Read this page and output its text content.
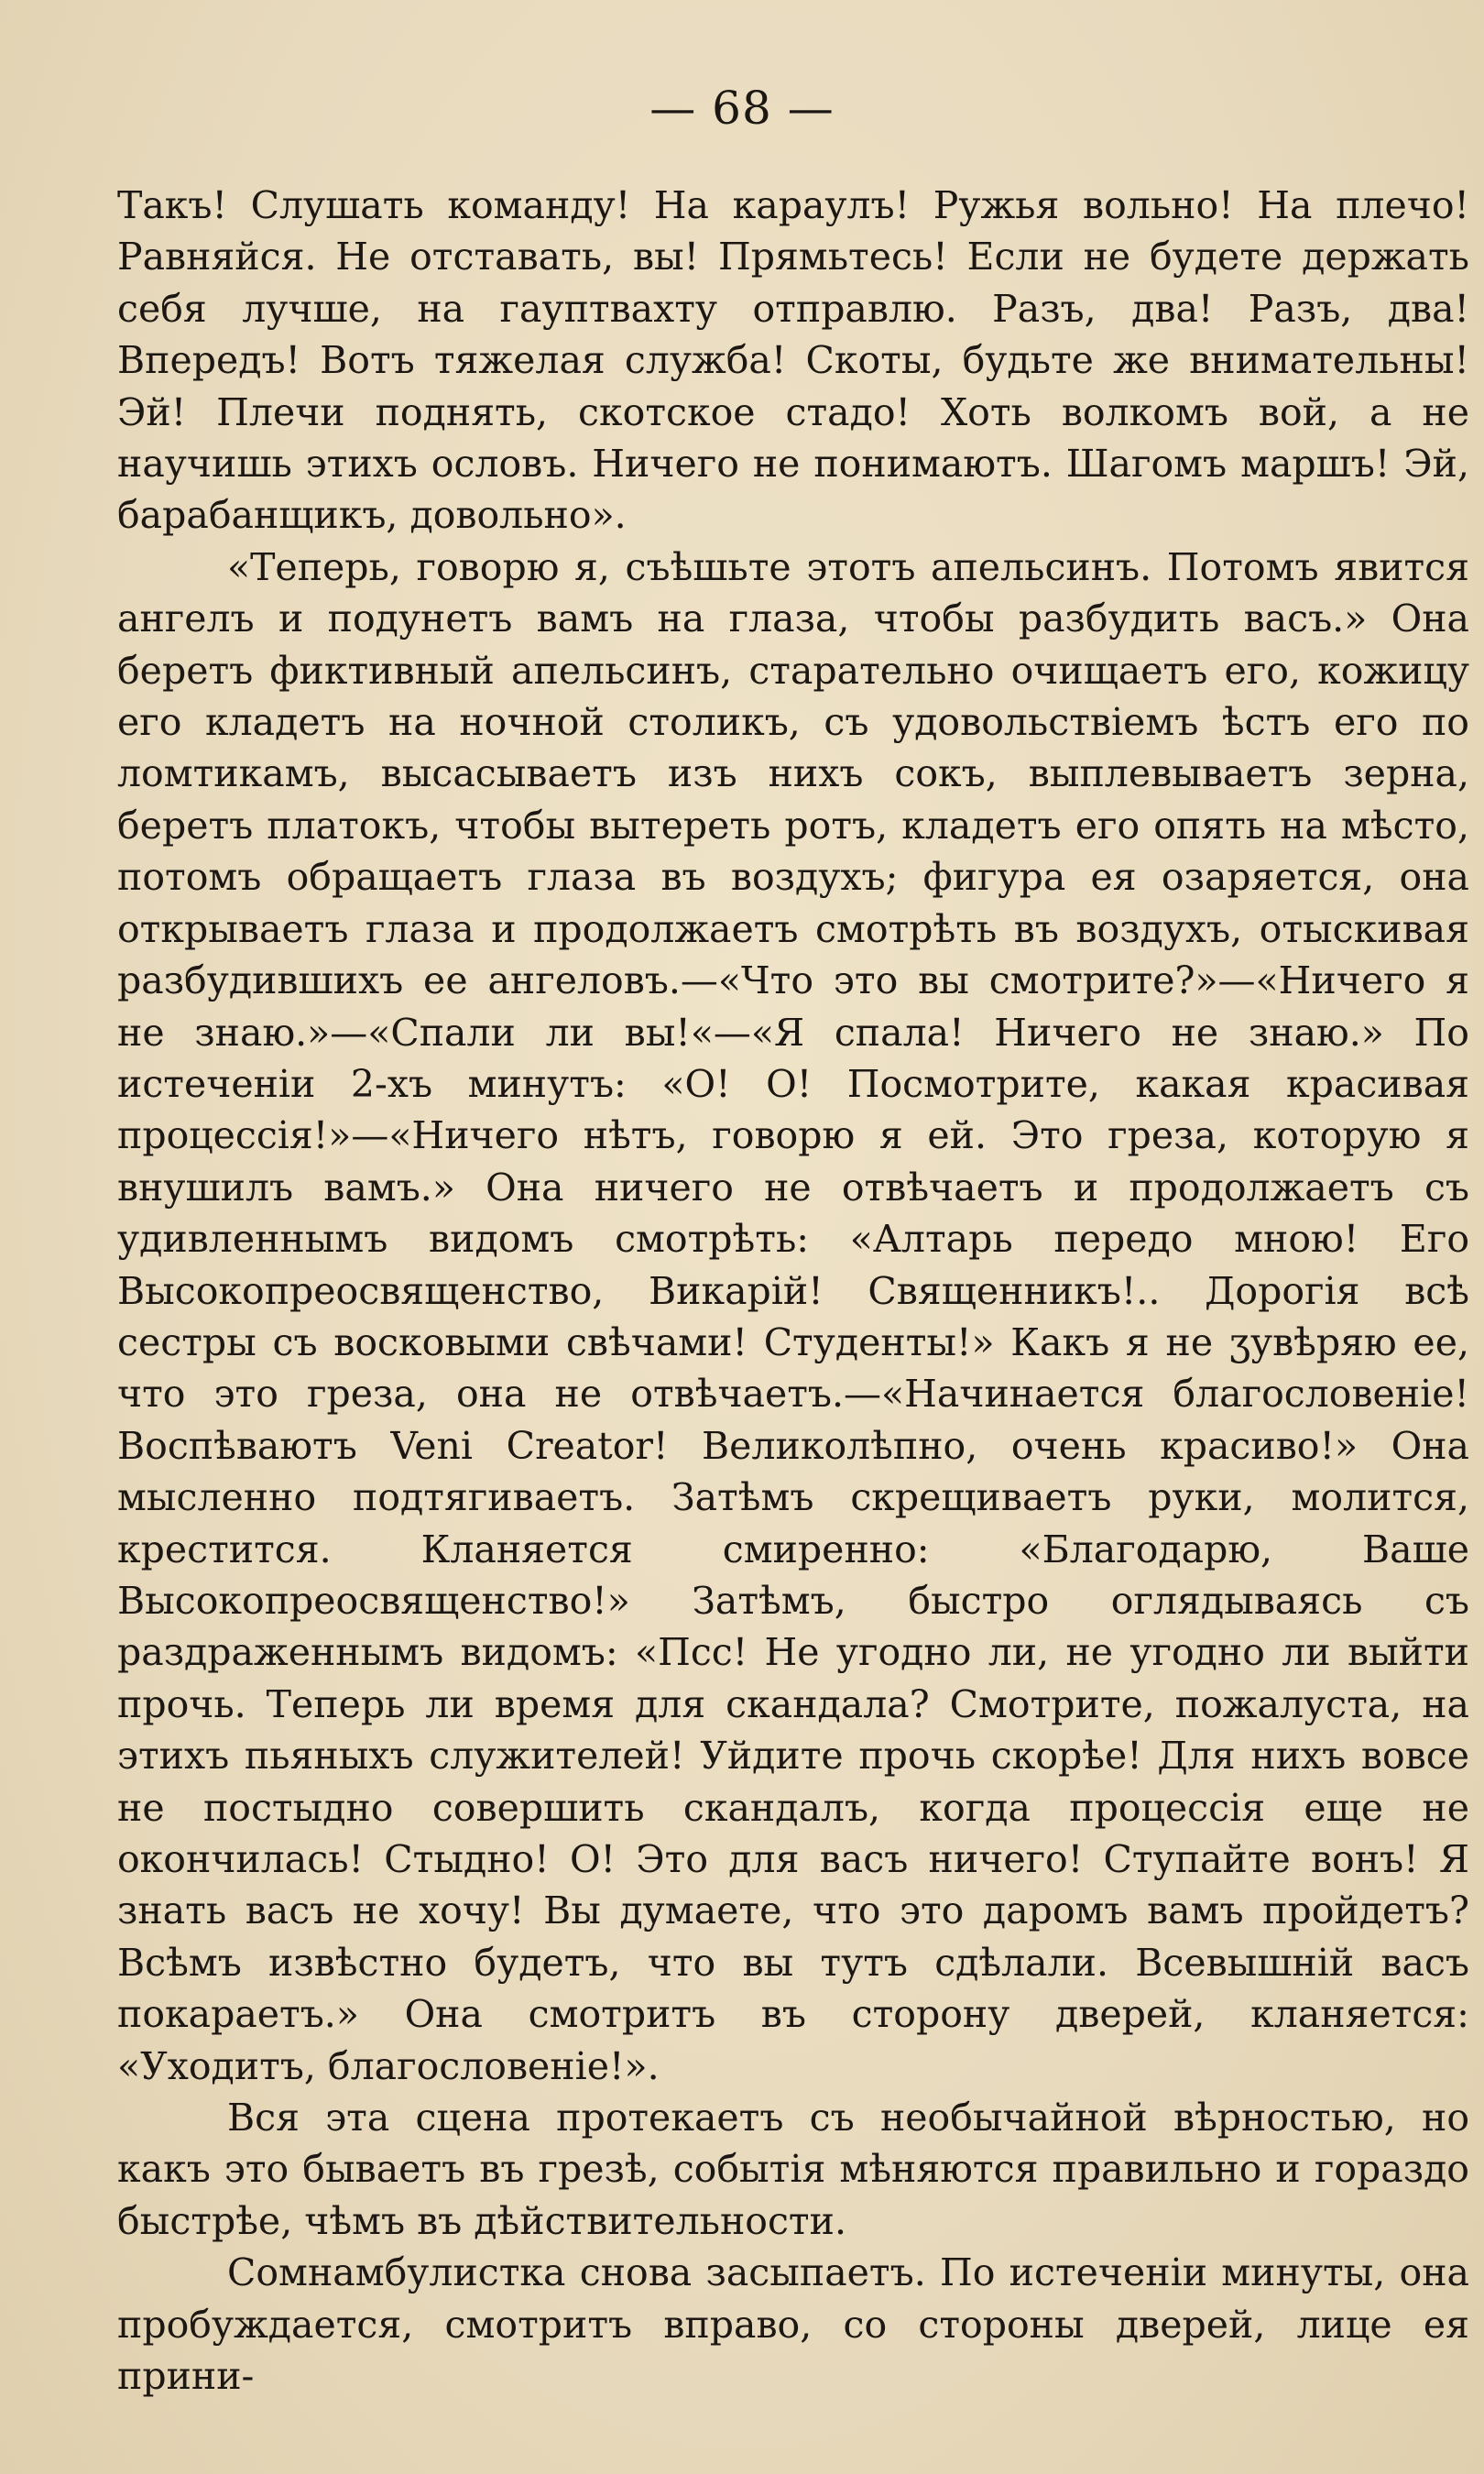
— 68 —

Такъ! Слушать команду! На караулъ! Ружья вольно! На плечо! Равняйся. Не отставать, вы! Прямьтесь! Если не будете держать себя лучше, на гауптвахту отправлю. Разъ, два! Разъ, два! Впередъ! Вотъ тяжелая служба! Скоты, будьте же внимательны! Эй! Плечи поднять, скотское стадо! Хоть волкомъ вой, а не научишь этихъ ословъ. Ничего не понимаютъ. Шагомъ маршъ! Эй, барабанщикъ, довольно».

«Теперь, говорю я, съѣшьте этотъ апельсинъ. Потомъ явится ангелъ и подунетъ вамъ на глаза, чтобы разбудить васъ.» Она беретъ фиктивный апельсинъ, старательно очищаетъ его, кожицу его кладетъ на ночной столикъ, съ удовольствiемъ ѣстъ его по ломтикамъ, высасываетъ изъ нихъ сокъ, выплевываетъ зерна, беретъ платокъ, чтобы вытереть ротъ, кладетъ его опять на мѣсто, потомъ обращаетъ глаза въ воздухъ; фигура ея озаряется, она открываетъ глаза и продолжаетъ смотрѣть въ воздухъ, отыскивая разбудившихъ ее ангеловъ.—«Что это вы смотрите?»—«Ничего я не знаю.»—«Спали ли вы!«—«Я спала! Ничего не знаю.» По истеченiи 2-хъ минутъ: «О! О! Посмотрите, какая красивая процессiя!»—«Ничего нѣтъ, говорю я ей. Это греза, которую я внушилъ вамъ.» Она ничего не отвѣчаетъ и продолжаетъ съ удивленнымъ видомъ смотрѣть: «Алтарь передо мною! Его Высокопреосвященство, Викарiй! Священникъ!.. Дорогiя всѣ сестры съ восковыми свѣчами! Студенты!» Какъ я не ʒувѣряю ее, что это греза, она не отвѣчаетъ.—«Начинается благословенiе! Воспѣваютъ Veni Creator! Великолѣпно, очень красиво!» Она мысленно подтягиваетъ. Затѣмъ скрещиваетъ руки, молится, крестится. Кланяется смиренно: «Благодарю, Ваше Высокопреосвященство!» Затѣмъ, быстро оглядываясь съ раздраженнымъ видомъ: «Псс! Не угодно ли, не угодно ли выйти прочь. Теперь ли время для скандала? Смотрите, пожалуста, на этихъ пьяныхъ служителей! Уйдите прочь скорѣе! Для нихъ вовсе не постыдно совершить скандалъ, когда процессiя еще не окончилась! Стыдно! О! Это для васъ ничего! Ступайте вонъ! Я знать васъ не хочу! Вы думаете, что это даромъ вамъ пройдетъ? Всѣмъ извѣстно будетъ, что вы тутъ сдѣлали. Всевышнiй васъ покараетъ.» Она смотритъ въ сторону дверей, кланяется: «Уходитъ, благословенiе!».

Вся эта сцена протекаетъ съ необычайной вѣрностью, но какъ это бываетъ въ грезѣ, событiя мѣняются правильно и гораздо быстрѣе, чѣмъ въ дѣйствительности.

Сомнамбулистка снова засыпаетъ. По истеченiи минуты, она пробуждается, смотритъ вправо, со стороны дверей, лице ея прини-
